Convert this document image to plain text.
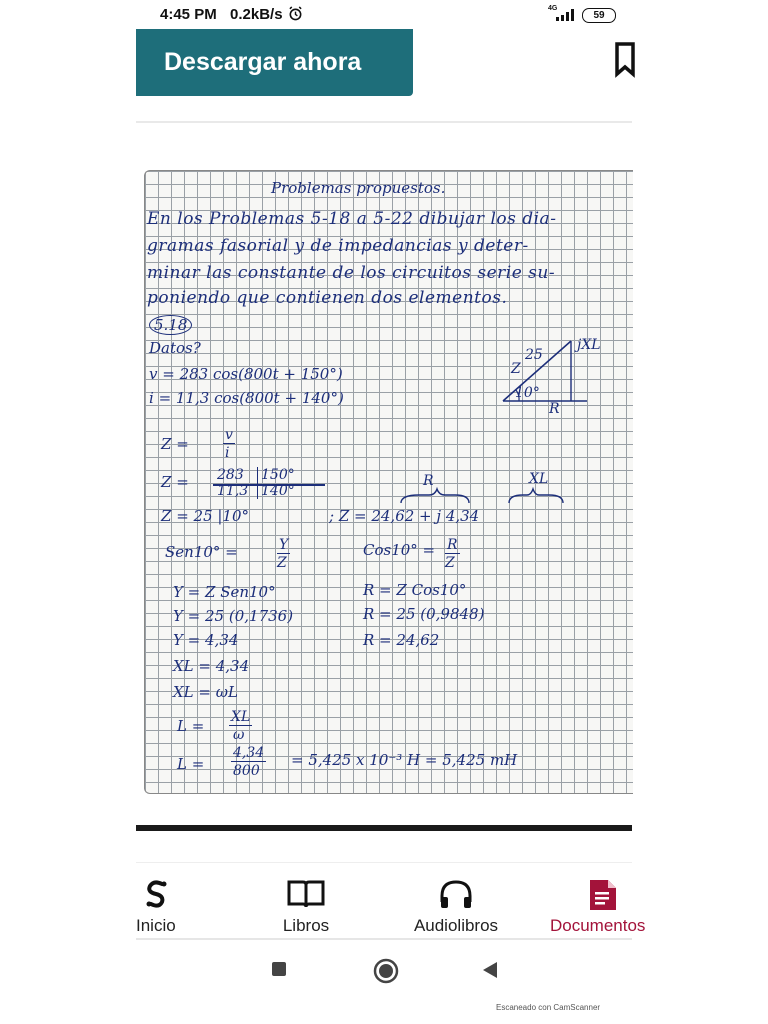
4:45 PM 0.2kB/s	4G
59
Descargar ahora
Problemas propuestos.
En los Problemas 5-18 a 5-22 dibujar los dia-
gramas fasorial y de impedancias y deter-
minar las constante de los circuitos serie su-
poniendo que contienen dos elementos.
5.18
Datos?
v = 283 cos(800t + 150°)
i = 11,3 cos(800t + 140°)
jXL
Z
25
10°
R
Z =	v
i
Z = 283 150°
11,3 140°
R	XL
Z = 25 |10°	; Z = 24,62 + j 4,34
Sen10° =	Y
Z
Cos10° = R
Z
Y = Z Sen10°
Y = 25 (0,1736)
Y = 4,34
XL = 4,34
XL = ωL
R = Z Cos10°
R = 25 (0,9848)
R = 24,62
L = XL
ω
L =
4,34
800
= 5,425 x 10⁻³ H = 5,425 mH
Inicio	Libros	Audiolibros	Documentos
Escaneado con CamScanner
